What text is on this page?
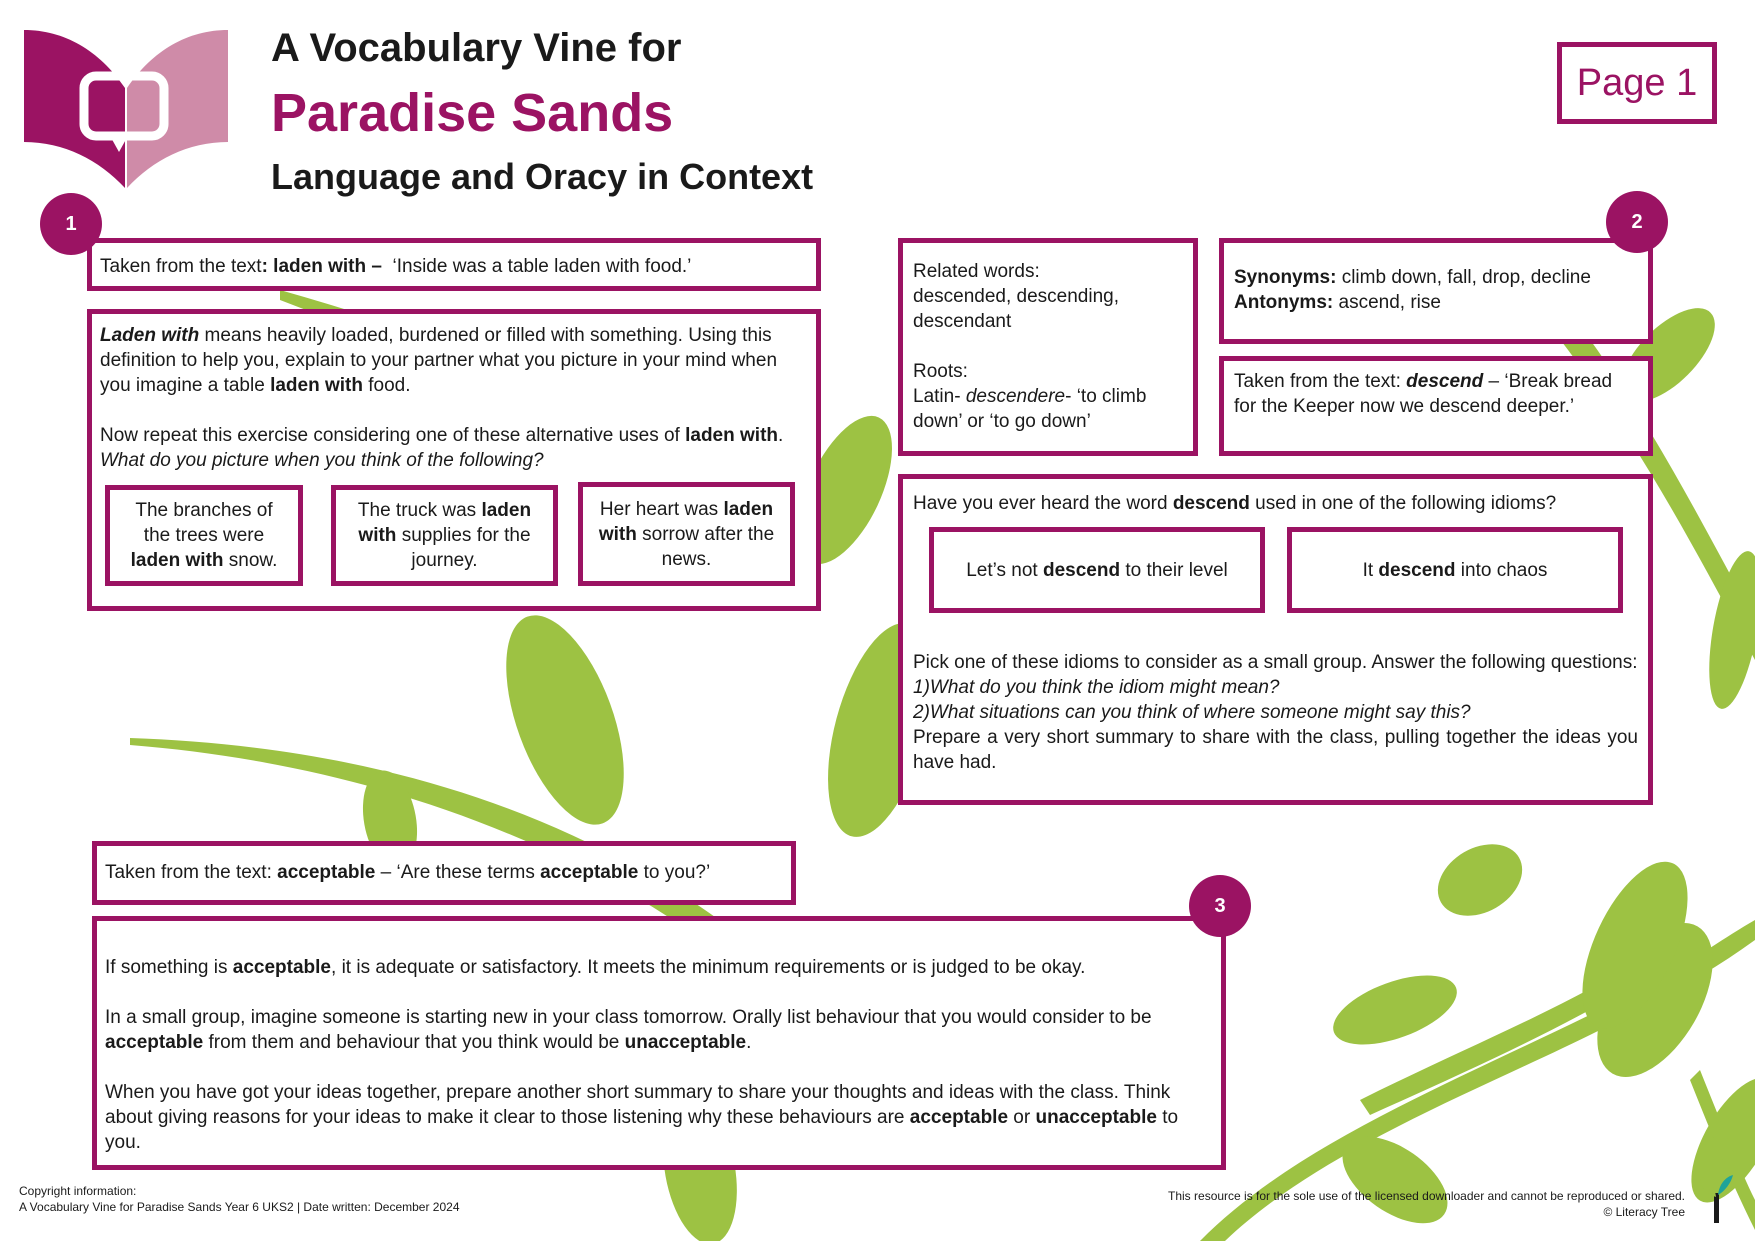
A Vocabulary Vine for
Paradise Sands
Language and Oracy in Context
Page 1
1	2
3
Taken from the text: laden with – ‘Inside was a table laden with food.’

Laden with means heavily loaded, burdened or filled with something. Using this definition to help you, explain to your partner what you picture in your mind when you imagine a table laden with food.

Now repeat this exercise considering one of these alternative uses of laden with. What do you picture when you think of the following?

The branches of the trees were laden with snow.

The truck was laden with supplies for the journey.

Her heart was laden with sorrow after the news.

Related words:

descended, descending, descendant

Roots:

Latin- descendere- ‘to climb down’ or ‘to go down’

Synonyms: climb down, fall, drop, decline

Antonyms: ascend, rise

Taken from the text: descend – ‘Break bread for the Keeper now we descend deeper.’

Have you ever heard the word descend used in one of the following idioms?

Pick one of these idioms to consider as a small group. Answer the following questions:

1)What do you think the idiom might mean?

2)What situations can you think of where someone might say this?

Prepare a very short summary to share with the class, pulling together the ideas you have had.

Let’s not descend to their level	It descend into chaos

Taken from the text: acceptable – ‘Are these terms acceptable to you?’

If something is acceptable, it is adequate or satisfactory. It meets the minimum requirements or is judged to be okay.

In a small group, imagine someone is starting new in your class tomorrow. Orally list behaviour that you would consider to be acceptable from them and behaviour that you think would be unacceptable.

When you have got your ideas together, prepare another short summary to share your thoughts and ideas with the class. Think about giving reasons for your ideas to make it clear to those listening why these behaviours are acceptable or unacceptable to you.

Copyright information:
A Vocabulary Vine for Paradise Sands Year 6 UKS2 | Date written: December 2024
This resource is for the sole use of the licensed downloader and cannot be reproduced or shared.
© Literacy Tree
